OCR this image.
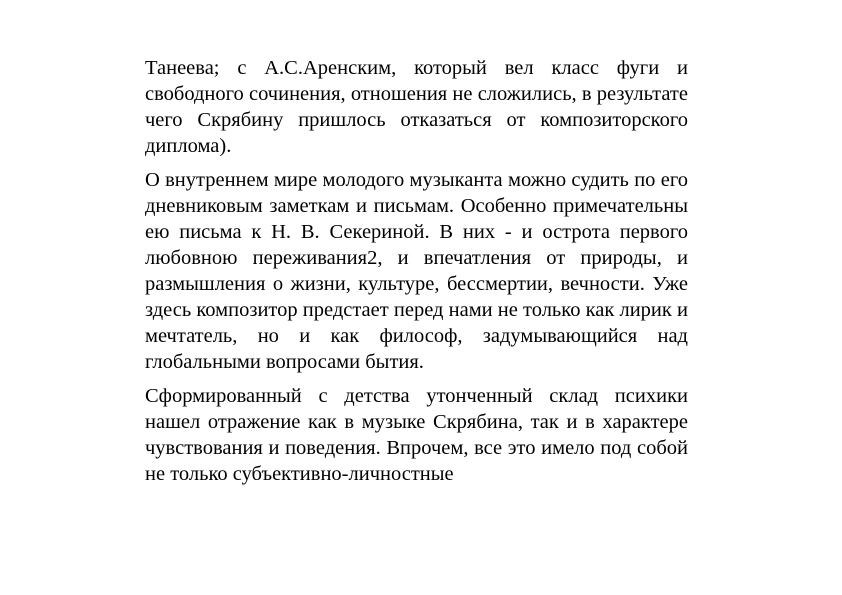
Танеева; с А.С.Аренским, который вел класс фуги и свободного сочинения, отношения не сложились, в результате чего Скрябину пришлось отказаться от композиторского диплома).

О внутреннем мире молодого музыканта можно судить по его дневниковым заметкам и письмам. Особенно примечательны ею письма к Н. В. Секериной. В них - и острота первого любовною переживания2, и впечатления от природы, и размышления о жизни, культуре, бессмертии, вечности. Уже здесь композитор предстает перед нами не только как лирик и мечтатель, но и как философ, задумывающийся над глобальными вопросами бытия.

Сформированный с детства утонченный склад психики нашел отражение как в музыке Скрябина, так и в характере чувствования и поведения. Впрочем, все это имело под собой не только субъективно-личностные
